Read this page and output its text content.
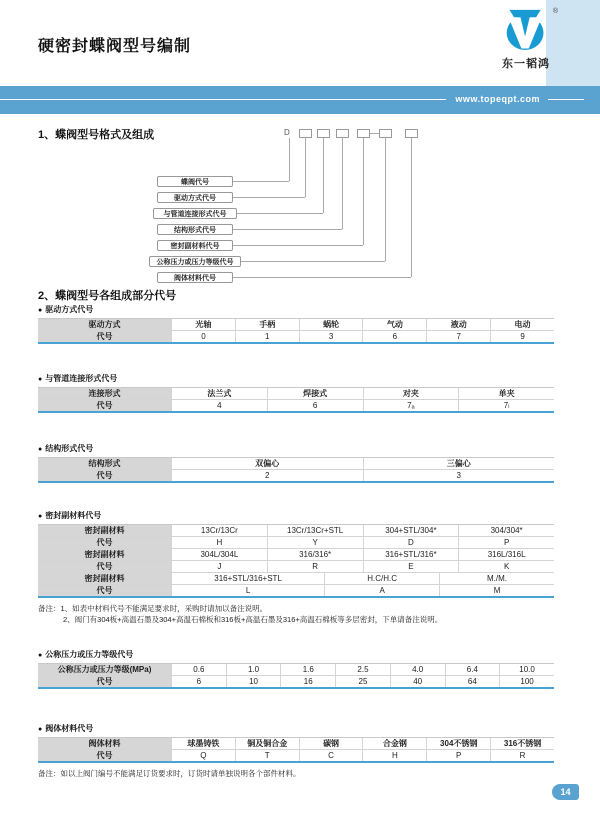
硬密封蝶阀型号编制
®
东一韬鸿
www.topeqpt.com
1、蝶阀型号格式及组成	D
蝶阀代号
驱动方式代号
与管道连接形式代号
结构形式代号
密封副材料代号
公称压力或压力等级代号
阀体材料代号
2、蝶阀型号各组成部分代号
● 驱动方式代号
驱动方式	光轴	手柄	蜗轮	气动	液动	电动
代号	0	1	3	6	7	9
● 与管道连接形式代号
连接形式	法兰式	焊接式	对夹	单夹
代号	4	6	7ₐ	7ₗ
● 结构形式代号
结构形式	双偏心	三偏心
代号	2	3
● 密封副材料代号
密封副材料	13Cr/13Cr	13Cr/13Cr+STL	304+STL/304*	304/304*
代号	H	Y	D	P
密封副材料	304L/304L	316/316*	316+STL/316*	316L/316L
代号	J	R	E	K
密封副材料	316+STL/316+STL	H.C/H.C	M./M.
代号	L	A	M
备注：1、如表中材料代号不能满足要求时，采购时请加以备注说明。
2、阀门有304板+高温石墨及304+高温石棉板和316板+高温石墨及316+高温石棉板等多层密封，下单请备注说明。
● 公称压力或压力等级代号
公称压力或压力等级(MPa)	0.6	1.0	1.6	2.5	4.0	6.4	10.0
代号	6	10	16	25	40	64	100
● 阀体材料代号
阀体材料	球墨铸铁	铜及铜合金	碳钢	合金钢	304不锈钢	316不锈钢
代号	Q	T	C	H	P	R
备注：如以上阀门编号不能满足订货要求时，订货时请单独说明各个部件材料。
14
